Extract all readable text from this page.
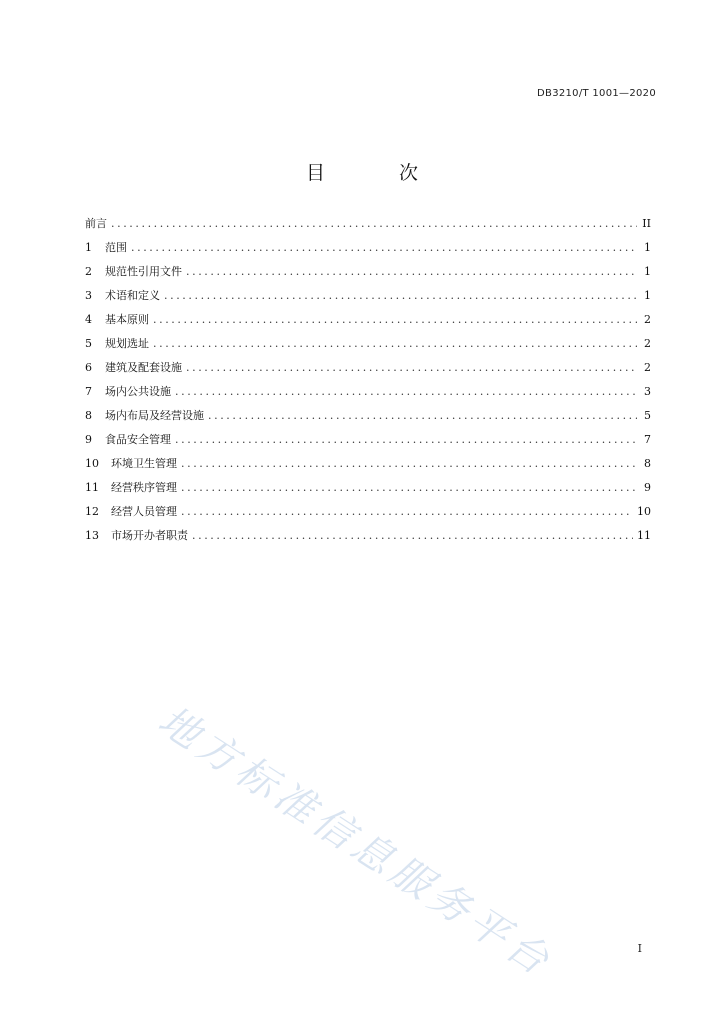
DB3210/T 1001—2020
目 次
前言 .....	II
1	范围 .....	1
2	规范性引用文件 .....	1
3	术语和定义 .....	1
4	基本原则 .....	2
5	规划选址 .....	2
6	建筑及配套设施 .....	2
7	场内公共设施 .....	3
8	场内布局及经营设施 .....	5
9	食品安全管理 .....	7
10	环境卫生管理 .....	8
11	经营秩序管理 .....	9
12	经营人员管理 .....	10
13	市场开办者职责 .....	11
地方标准信息服务平台	I
